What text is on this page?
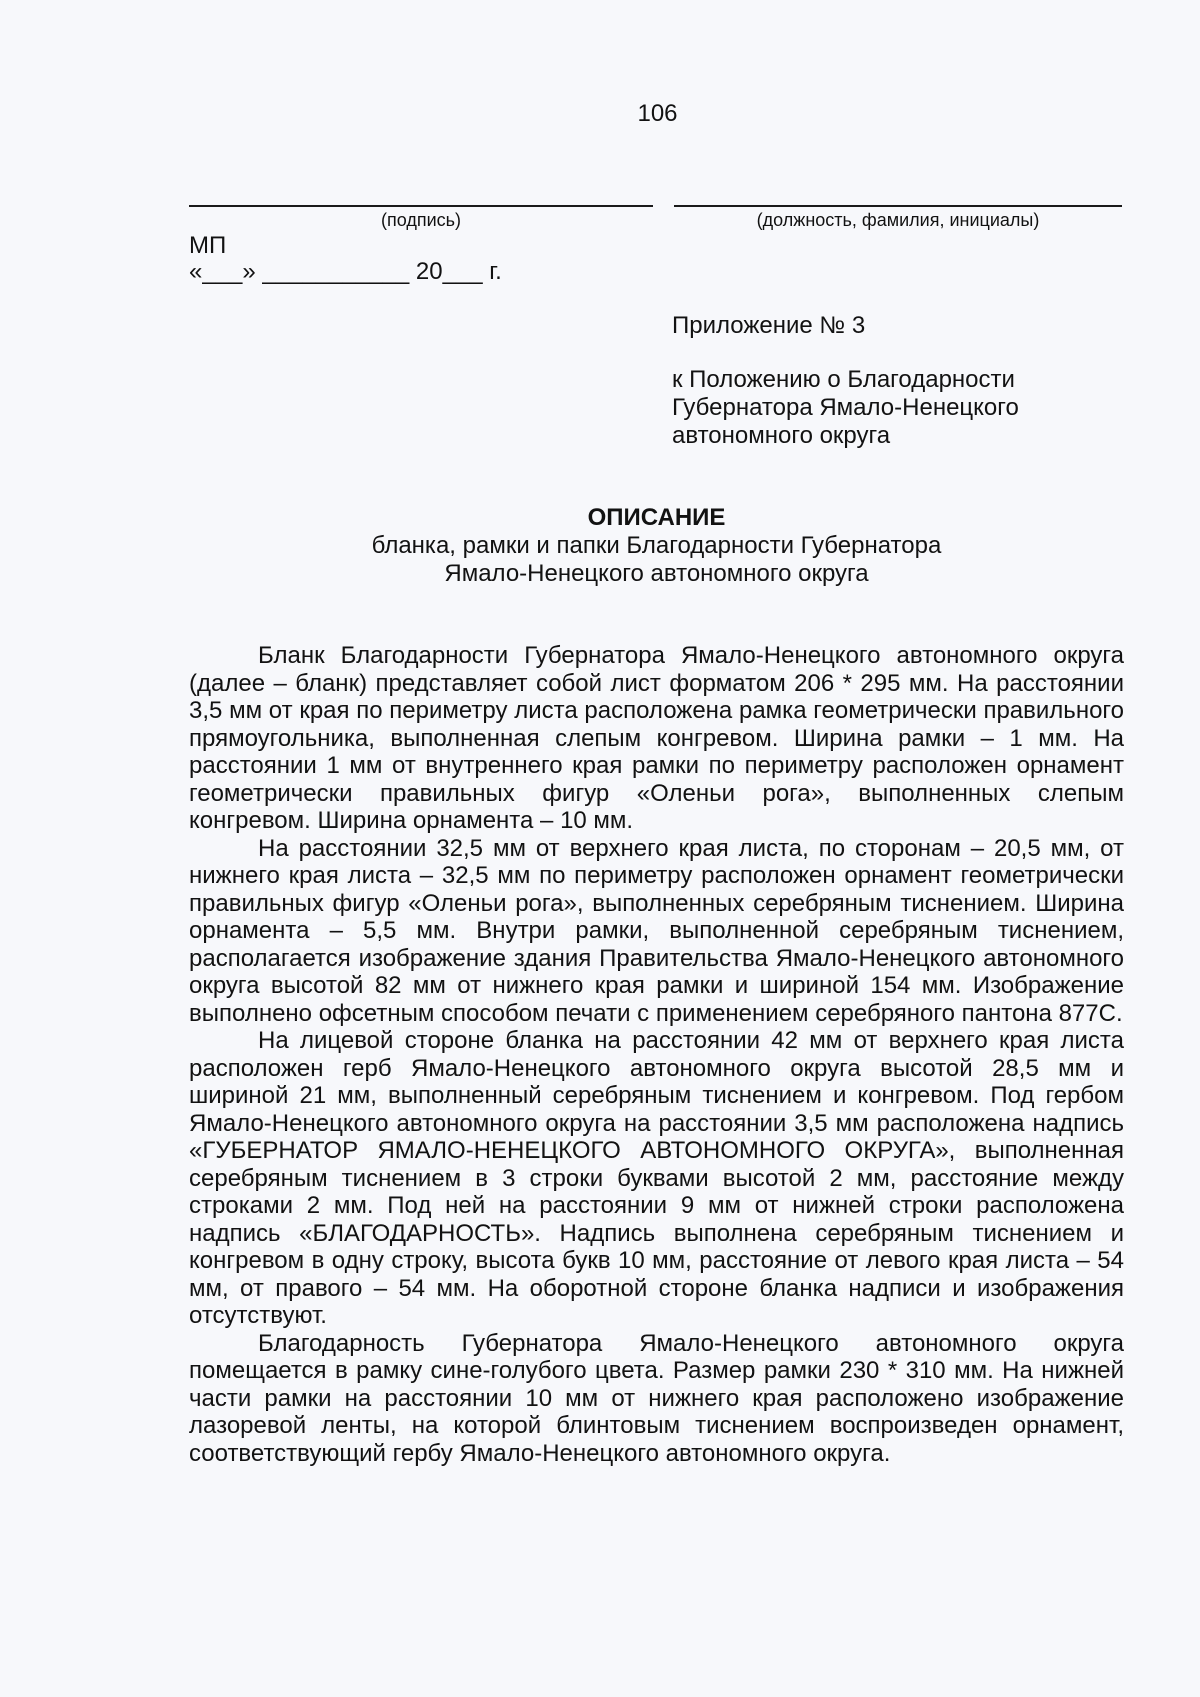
106
(подпись)	(должность, фамилия, инициалы)
МП
«___» ___________ 20___ г.
Приложение № 3
к Положению о Благодарности
Губернатора Ямало-Ненецкого
автономного округа
ОПИСАНИЕ
бланка, рамки и папки Благодарности Губернатора
Ямало-Ненецкого автономного округа

Бланк Благодарности Губернатора Ямало-Ненецкого автономного округа (далее – бланк) представляет собой лист форматом 206 * 295 мм. На расстоянии 3,5 мм от края по периметру листа расположена рамка геометрически правильного прямоугольника, выполненная слепым конгревом. Ширина рамки – 1 мм. На расстоянии 1 мм от внутреннего края рамки по периметру расположен орнамент геометрически правильных фигур «Оленьи рога», выполненных слепым конгревом. Ширина орнамента – 10 мм.

На расстоянии 32,5 мм от верхнего края листа, по сторонам – 20,5 мм, от нижнего края листа – 32,5 мм по периметру расположен орнамент геометрически правильных фигур «Оленьи рога», выполненных серебряным тиснением. Ширина орнамента – 5,5 мм. Внутри рамки, выполненной серебряным тиснением, располагается изображение здания Правительства Ямало-Ненецкого автономного округа высотой 82 мм от нижнего края рамки и шириной 154 мм. Изображение выполнено офсетным способом печати с применением серебряного пантона 877С.

На лицевой стороне бланка на расстоянии 42 мм от верхнего края листа расположен герб Ямало-Ненецкого автономного округа высотой 28,5 мм и шириной 21 мм, выполненный серебряным тиснением и конгревом. Под гербом Ямало-Ненецкого автономного округа на расстоянии 3,5 мм расположена надпись «ГУБЕРНАТОР ЯМАЛО-НЕНЕЦКОГО АВТОНОМНОГО ОКРУГА», выполненная серебряным тиснением в 3 строки буквами высотой 2 мм, расстояние между строками 2 мм. Под ней на расстоянии 9 мм от нижней строки расположена надпись «БЛАГОДАРНОСТЬ». Надпись выполнена серебряным тиснением и конгревом в одну строку, высота букв 10 мм, расстояние от левого края листа – 54 мм, от правого – 54 мм. На оборотной стороне бланка надписи и изображения отсутствуют.

Благодарность Губернатора Ямало-Ненецкого автономного округа помещается в рамку сине-голубого цвета. Размер рамки 230 * 310 мм. На нижней части рамки на расстоянии 10 мм от нижнего края расположено изображение лазоревой ленты, на которой блинтовым тиснением воспроизведен орнамент, соответствующий гербу Ямало-Ненецкого автономного округа.
